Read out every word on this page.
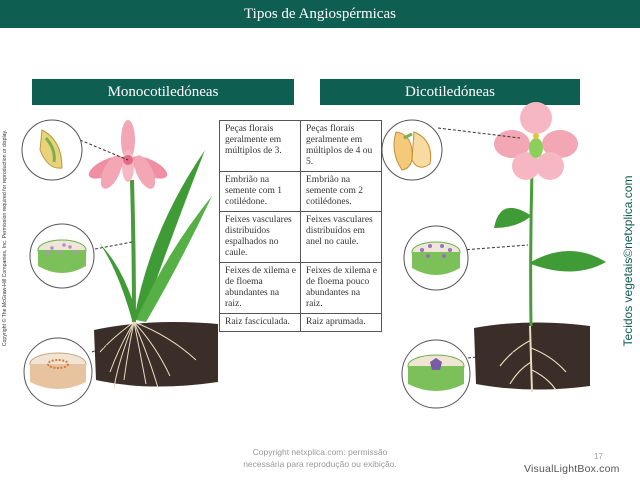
Tipos de Angiospérmicas
Monocotiledóneas	Dicotiledóneas
Peças florais geralmente em múltiplos de 3.	Peças florais geralmente em múltiplos de 4 ou 5.
Embrião na semente com 1 cotilédone.	Embrião na semente com 2 cotilédones.
Feixes vasculares distribuídos espalhados no caule.	Feixes vasculares distribuídos em anel no caule.
Feixes de xilema e de floema abundantes na raiz.	Feixes de xilema e de floema pouco abundantes na raiz.
Raiz fasciculada.	Raiz aprumada.
Copyright © The McGraw-Hill Companies, Inc. Permission required for reproduction or display.	Tecidos vegetais©netxplica.com
Copyright netxplica.com: permissão
necessária para reprodução ou exibição.
17
VisualLightBox.com
